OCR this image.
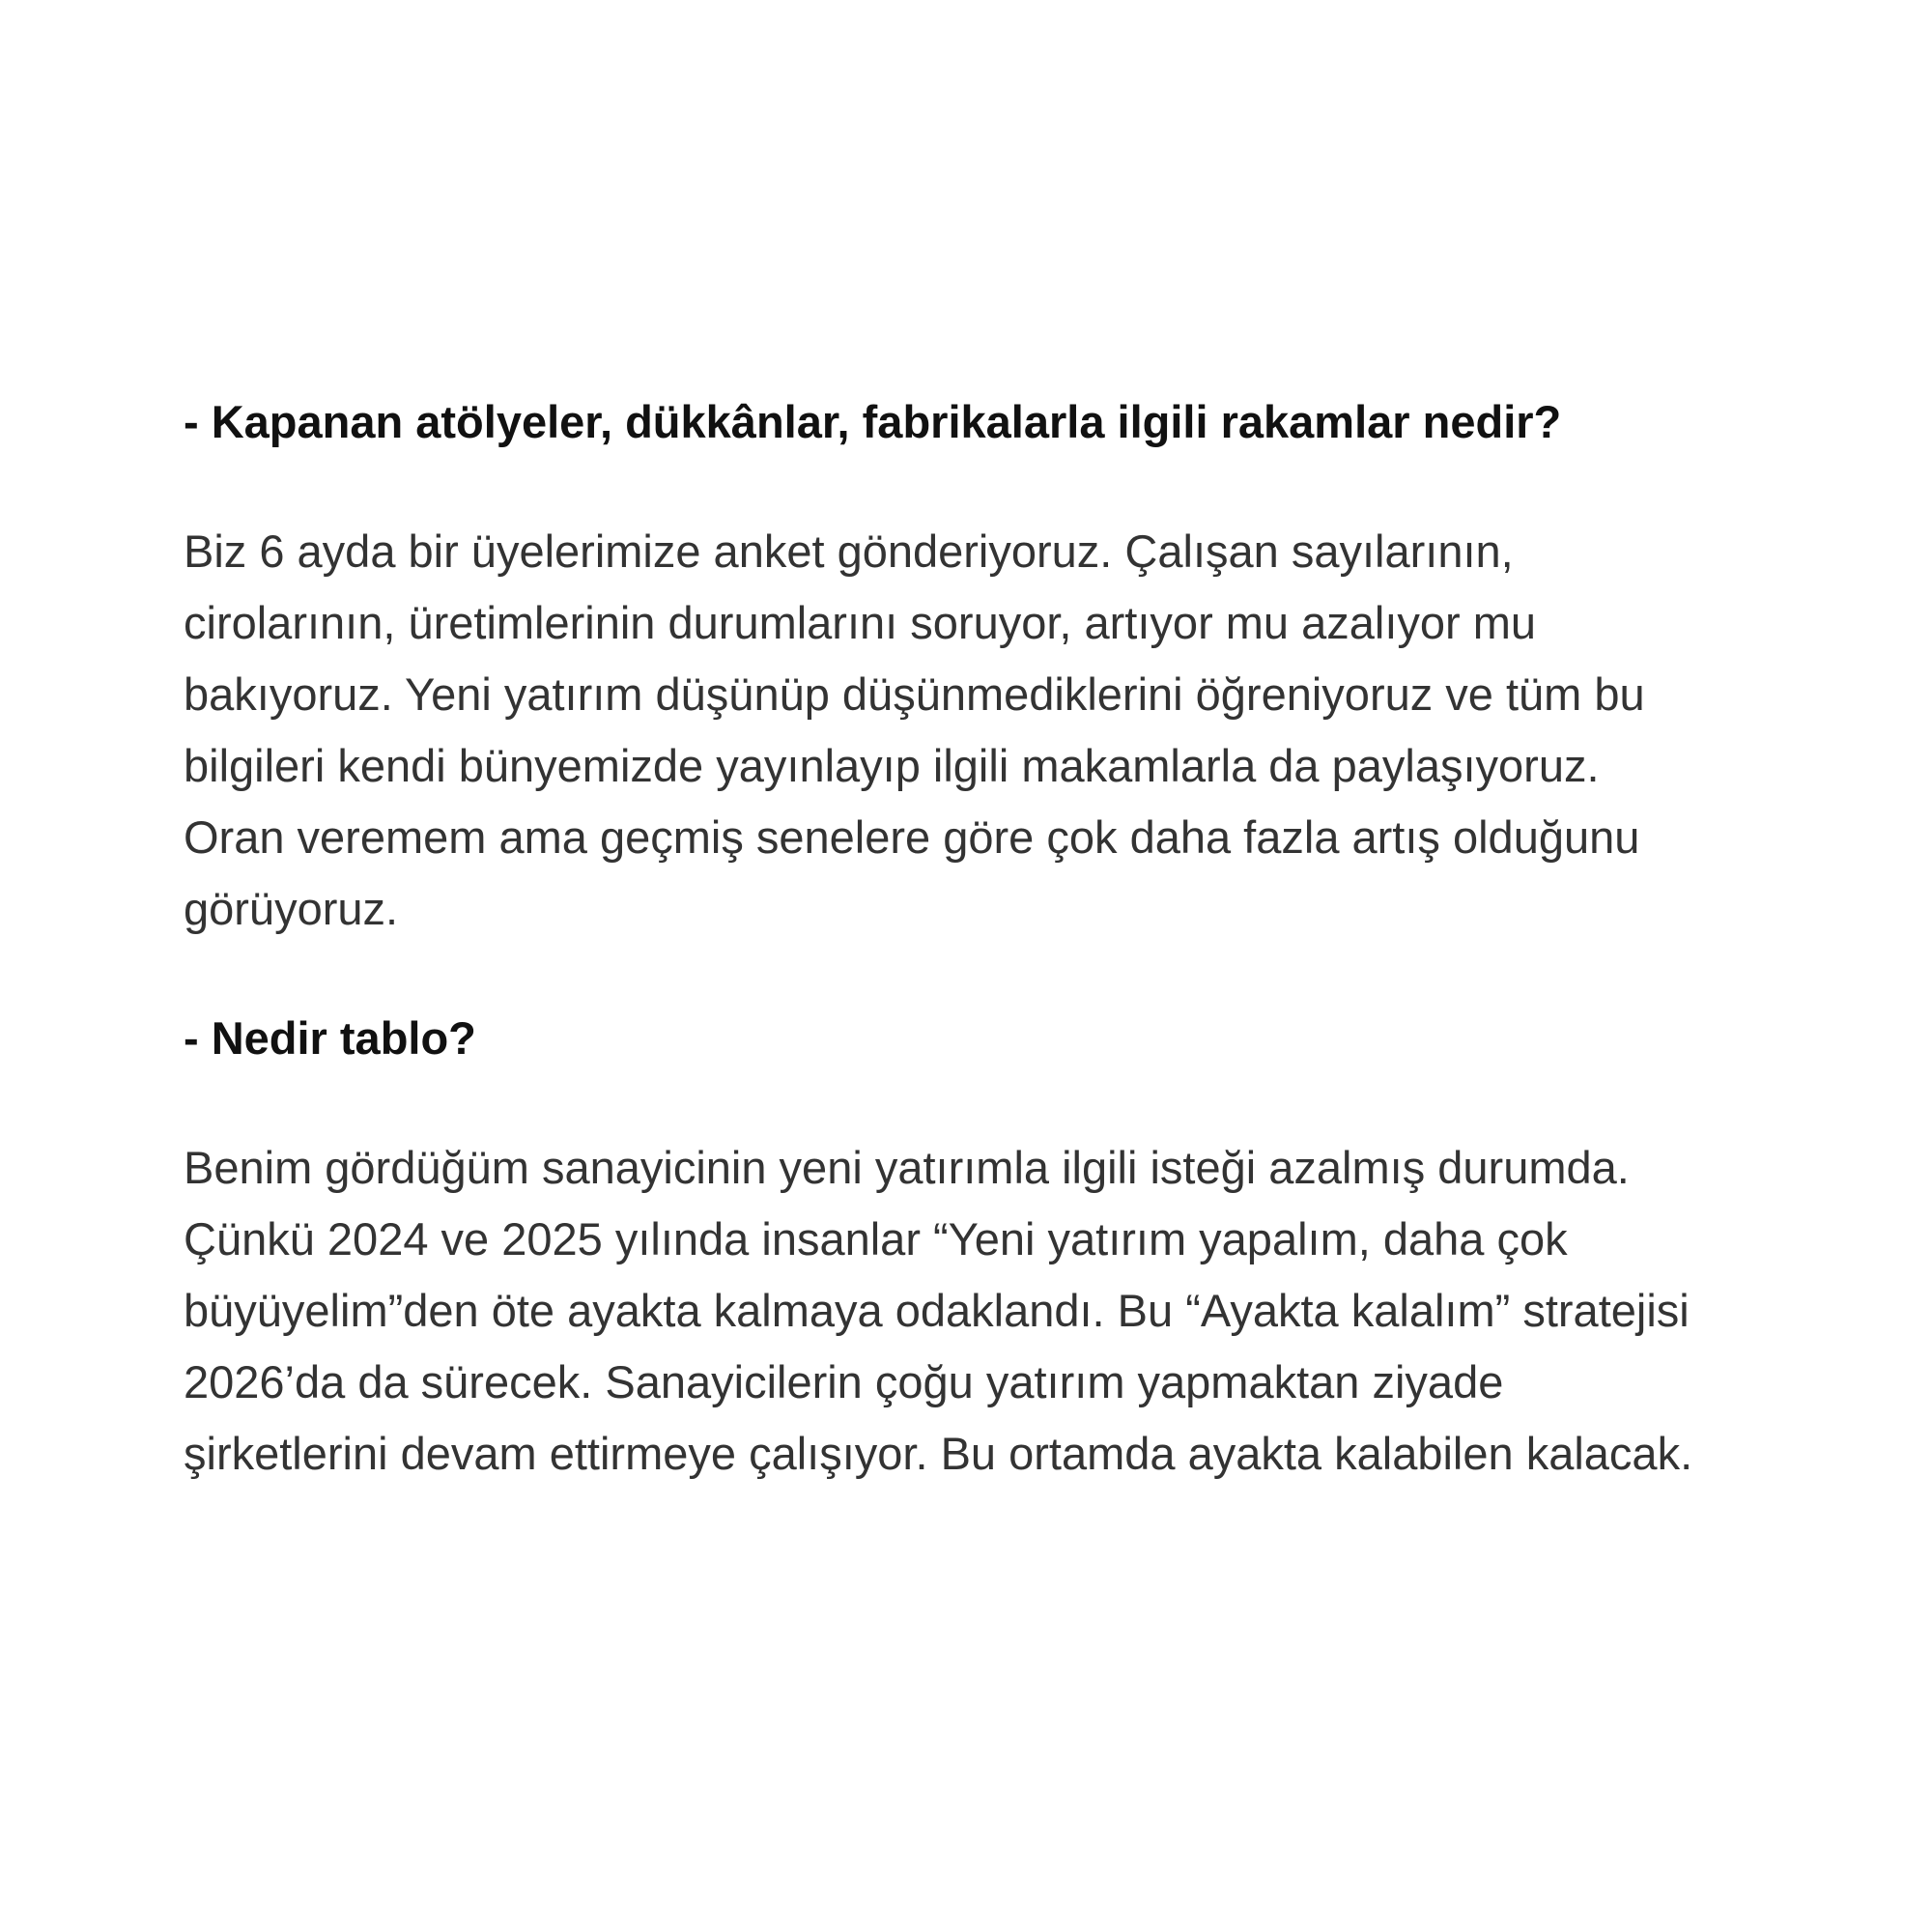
- Kapanan atölyeler, dükkânlar, fabrikalarla ilgili rakamlar nedir?

Biz 6 ayda bir üyelerimize anket gönderiyoruz. Çalışan sayılarının,
cirolarının, üretimlerinin durumlarını soruyor, artıyor mu azalıyor mu
bakıyoruz. Yeni yatırım düşünüp düşünmediklerini öğreniyoruz ve tüm bu
bilgileri kendi bünyemizde yayınlayıp ilgili makamlarla da paylaşıyoruz.
Oran veremem ama geçmiş senelere göre çok daha fazla artış olduğunu
görüyoruz.

- Nedir tablo?

Benim gördüğüm sanayicinin yeni yatırımla ilgili isteği azalmış durumda.
Çünkü 2024 ve 2025 yılında insanlar “Yeni yatırım yapalım, daha çok
büyüyelim”den öte ayakta kalmaya odaklandı. Bu “Ayakta kalalım” stratejisi
2026’da da sürecek. Sanayicilerin çoğu yatırım yapmaktan ziyade
şirketlerini devam ettirmeye çalışıyor. Bu ortamda ayakta kalabilen kalacak.
